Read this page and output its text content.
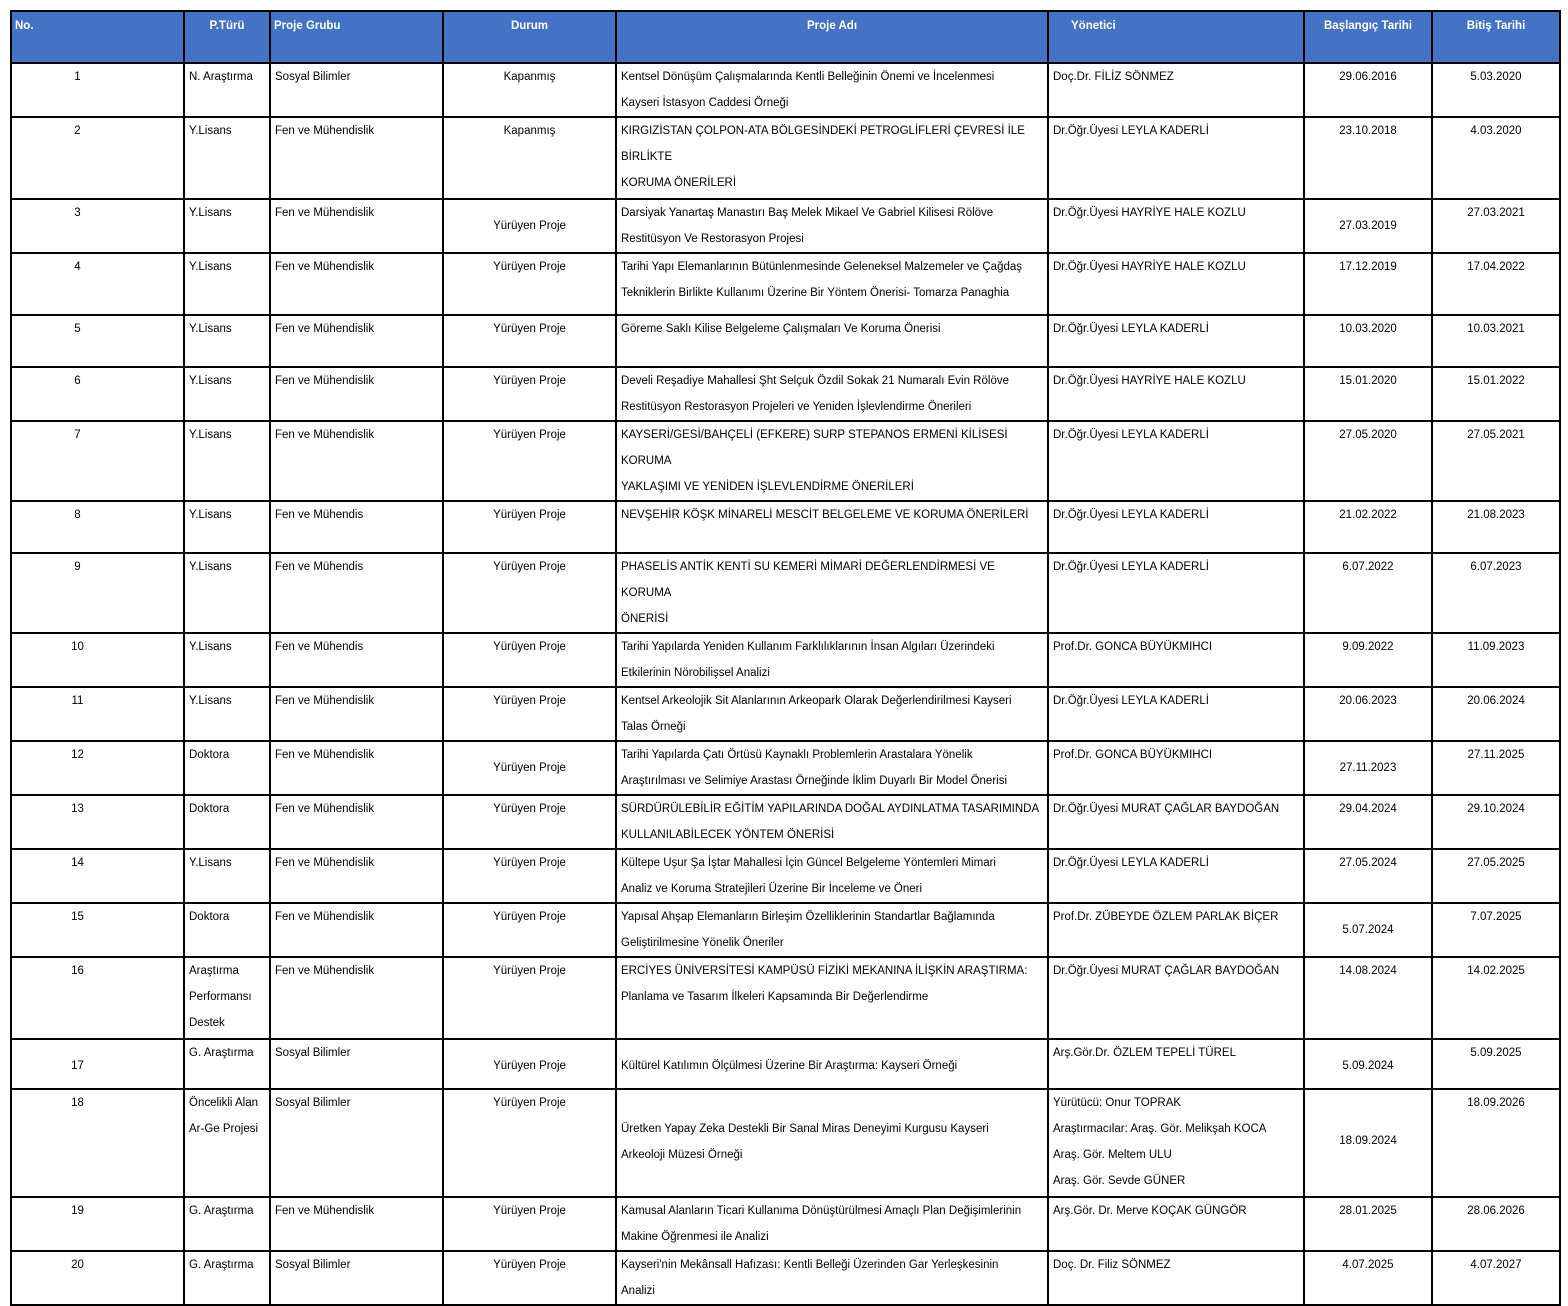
No.	P.Türü	Proje Grubu	Durum	Proje Adı	Yönetici	Başlangıç Tarihi	Bitiş Tarihi

1	N. Araştırma	Sosyal Bilimler	Kapanmış	Kentsel Dönüşüm Çalışmalarında Kentli Belleğinin Önemi ve İncelenmesi
Kayseri İstasyon Caddesi Örneği	Doç.Dr. FİLİZ SÖNMEZ	29.06.2016	5.03.2020

2	Y.Lisans	Fen ve Mühendislik	Kapanmış	KIRGIZİSTAN ÇOLPON-ATA BÖLGESİNDEKİ PETROGLİFLERİ ÇEVRESİ İLE
BİRLİKTE
KORUMA ÖNERİLERİ	Dr.Öğr.Üyesi LEYLA KADERLİ	23.10.2018	4.03.2020

3	Y.Lisans	Fen ve Mühendislik	Yürüyen Proje	Darsiyak Yanartaş Manastırı Baş Melek Mikael Ve Gabriel Kilisesi Rölöve
Restitüsyon Ve Restorasyon Projesi	Dr.Öğr.Üyesi HAYRİYE HALE KOZLU	27.03.2019	27.03.2021

4	Y.Lisans	Fen ve Mühendislik	Yürüyen Proje	Tarihi Yapı Elemanlarının Bütünlenmesinde Geleneksel Malzemeler ve Çağdaş
Tekniklerin Birlikte Kullanımı Üzerine Bir Yöntem Önerisi- Tomarza Panaghia	Dr.Öğr.Üyesi HAYRİYE HALE KOZLU	17.12.2019	17.04.2022

5	Y.Lisans	Fen ve Mühendislik	Yürüyen Proje	Göreme Saklı Kilise Belgeleme Çalışmaları Ve Koruma Önerisi	Dr.Öğr.Üyesi LEYLA KADERLİ	10.03.2020	10.03.2021

6	Y.Lisans	Fen ve Mühendislik	Yürüyen Proje	Develi Reşadiye Mahallesi Şht Selçuk Özdil Sokak 21 Numaralı Evin Rölöve
Restitüsyon Restorasyon Projeleri ve Yeniden İşlevlendirme Önerileri	Dr.Öğr.Üyesi HAYRİYE HALE KOZLU	15.01.2020	15.01.2022

7	Y.Lisans	Fen ve Mühendislik	Yürüyen Proje	KAYSERİ/GESİ/BAHÇELİ (EFKERE) SURP STEPANOS ERMENİ KİLİSESİ KORUMA
YAKLAŞIMI VE YENİDEN İŞLEVLENDİRME ÖNERİLERİ	Dr.Öğr.Üyesi LEYLA KADERLİ	27.05.2020	27.05.2021

8	Y.Lisans	Fen ve Mühendis	Yürüyen Proje	NEVŞEHİR KÖŞK MİNARELİ MESCİT BELGELEME VE KORUMA ÖNERİLERİ	Dr.Öğr.Üyesi LEYLA KADERLİ	21.02.2022	21.08.2023

9	Y.Lisans	Fen ve Mühendis	Yürüyen Proje	PHASELİS ANTİK KENTİ SU KEMERİ MİMARİ DEĞERLENDİRMESİ VE KORUMA
ÖNERİSİ	Dr.Öğr.Üyesi LEYLA KADERLİ	6.07.2022	6.07.2023

10	Y.Lisans	Fen ve Mühendis	Yürüyen Proje	Tarihi Yapılarda Yeniden Kullanım Farklılıklarının İnsan Algıları Üzerindeki
Etkilerinin Nörobilişsel Analizi	Prof.Dr. GONCA BÜYÜKMIHCI	9.09.2022	11.09.2023

11	Y.Lisans	Fen ve Mühendislik	Yürüyen Proje	Kentsel Arkeolojik Sit Alanlarının Arkeopark Olarak Değerlendirilmesi Kayseri
Talas Örneği	Dr.Öğr.Üyesi LEYLA KADERLİ	20.06.2023	20.06.2024

12	Doktora	Fen ve Mühendislik	Yürüyen Proje	Tarihi Yapılarda Çatı Örtüsü Kaynaklı Problemlerin Arastalara Yönelik
Araştırılması ve Selimiye Arastası Örneğinde İklim Duyarlı Bir Model Önerisi	Prof.Dr. GONCA BÜYÜKMIHCI	27.11.2023	27.11.2025

13	Doktora	Fen ve Mühendislik	Yürüyen Proje	SÜRDÜRÜLEBİLİR EĞİTİM YAPILARINDA DOĞAL AYDINLATMA TASARIMINDA
KULLANILABİLECEK YÖNTEM ÖNERİSİ	Dr.Öğr.Üyesi MURAT ÇAĞLAR BAYDOĞAN	29.04.2024	29.10.2024

14	Y.Lisans	Fen ve Mühendislik	Yürüyen Proje	Kültepe Uşur Şa İştar Mahallesi İçin Güncel Belgeleme Yöntemleri Mimari
Analiz ve Koruma Stratejileri Üzerine Bir İnceleme ve Öneri	Dr.Öğr.Üyesi LEYLA KADERLİ	27.05.2024	27.05.2025

15	Doktora	Fen ve Mühendislik	Yürüyen Proje	Yapısal Ahşap Elemanların Birleşim Özelliklerinin Standartlar Bağlamında
Geliştirilmesine Yönelik Öneriler	Prof.Dr. ZÜBEYDE ÖZLEM PARLAK BİÇER	5.07.2024	7.07.2025

16	Araştırma
Performansı
Destek	Fen ve Mühendislik	Yürüyen Proje	ERCİYES ÜNİVERSİTESİ KAMPÜSÜ FİZİKİ MEKANINA İLİŞKİN ARAŞTIRMA:
Planlama ve Tasarım İlkeleri Kapsamında Bir Değerlendirme	Dr.Öğr.Üyesi MURAT ÇAĞLAR BAYDOĞAN	14.08.2024	14.02.2025

17	G. Araştırma	Sosyal Bilimler	Yürüyen Proje	Kültürel Katılımın Ölçülmesi Üzerine Bir Araştırma: Kayseri Örneği	Arş.Gör.Dr. ÖZLEM TEPELİ TÜREL	5.09.2024	5.09.2025

18	Öncelikli Alan
Ar-Ge Projesi	Sosyal Bilimler	Yürüyen Proje	Üretken Yapay Zeka Destekli Bir Sanal Miras Deneyimi Kurgusu Kayseri
Arkeoloji Müzesi Örneği	Yürütücü: Onur TOPRAK
Araştırmacılar: Araş. Gör. Melikşah KOCA
Araş. Gör. Meltem ULU
Araş. Gör. Sevde GÜNER	18.09.2024	18.09.2026

19	G. Araştırma	Fen ve Mühendislik	Yürüyen Proje	Kamusal Alanların Ticari Kullanıma Dönüştürülmesi Amaçlı Plan Değişimlerinin
Makine Öğrenmesi ile Analizi	Arş.Gör. Dr. Merve KOÇAK GÜNGÖR	28.01.2025	28.06.2026

20	G. Araştırma	Sosyal Bilimler	Yürüyen Proje	Kayseri'nin Mekânsall Hafızası: Kentli Belleği Üzerinden Gar Yerleşkesinin
Analizi	Doç. Dr. Filiz SÖNMEZ	4.07.2025	4.07.2027
